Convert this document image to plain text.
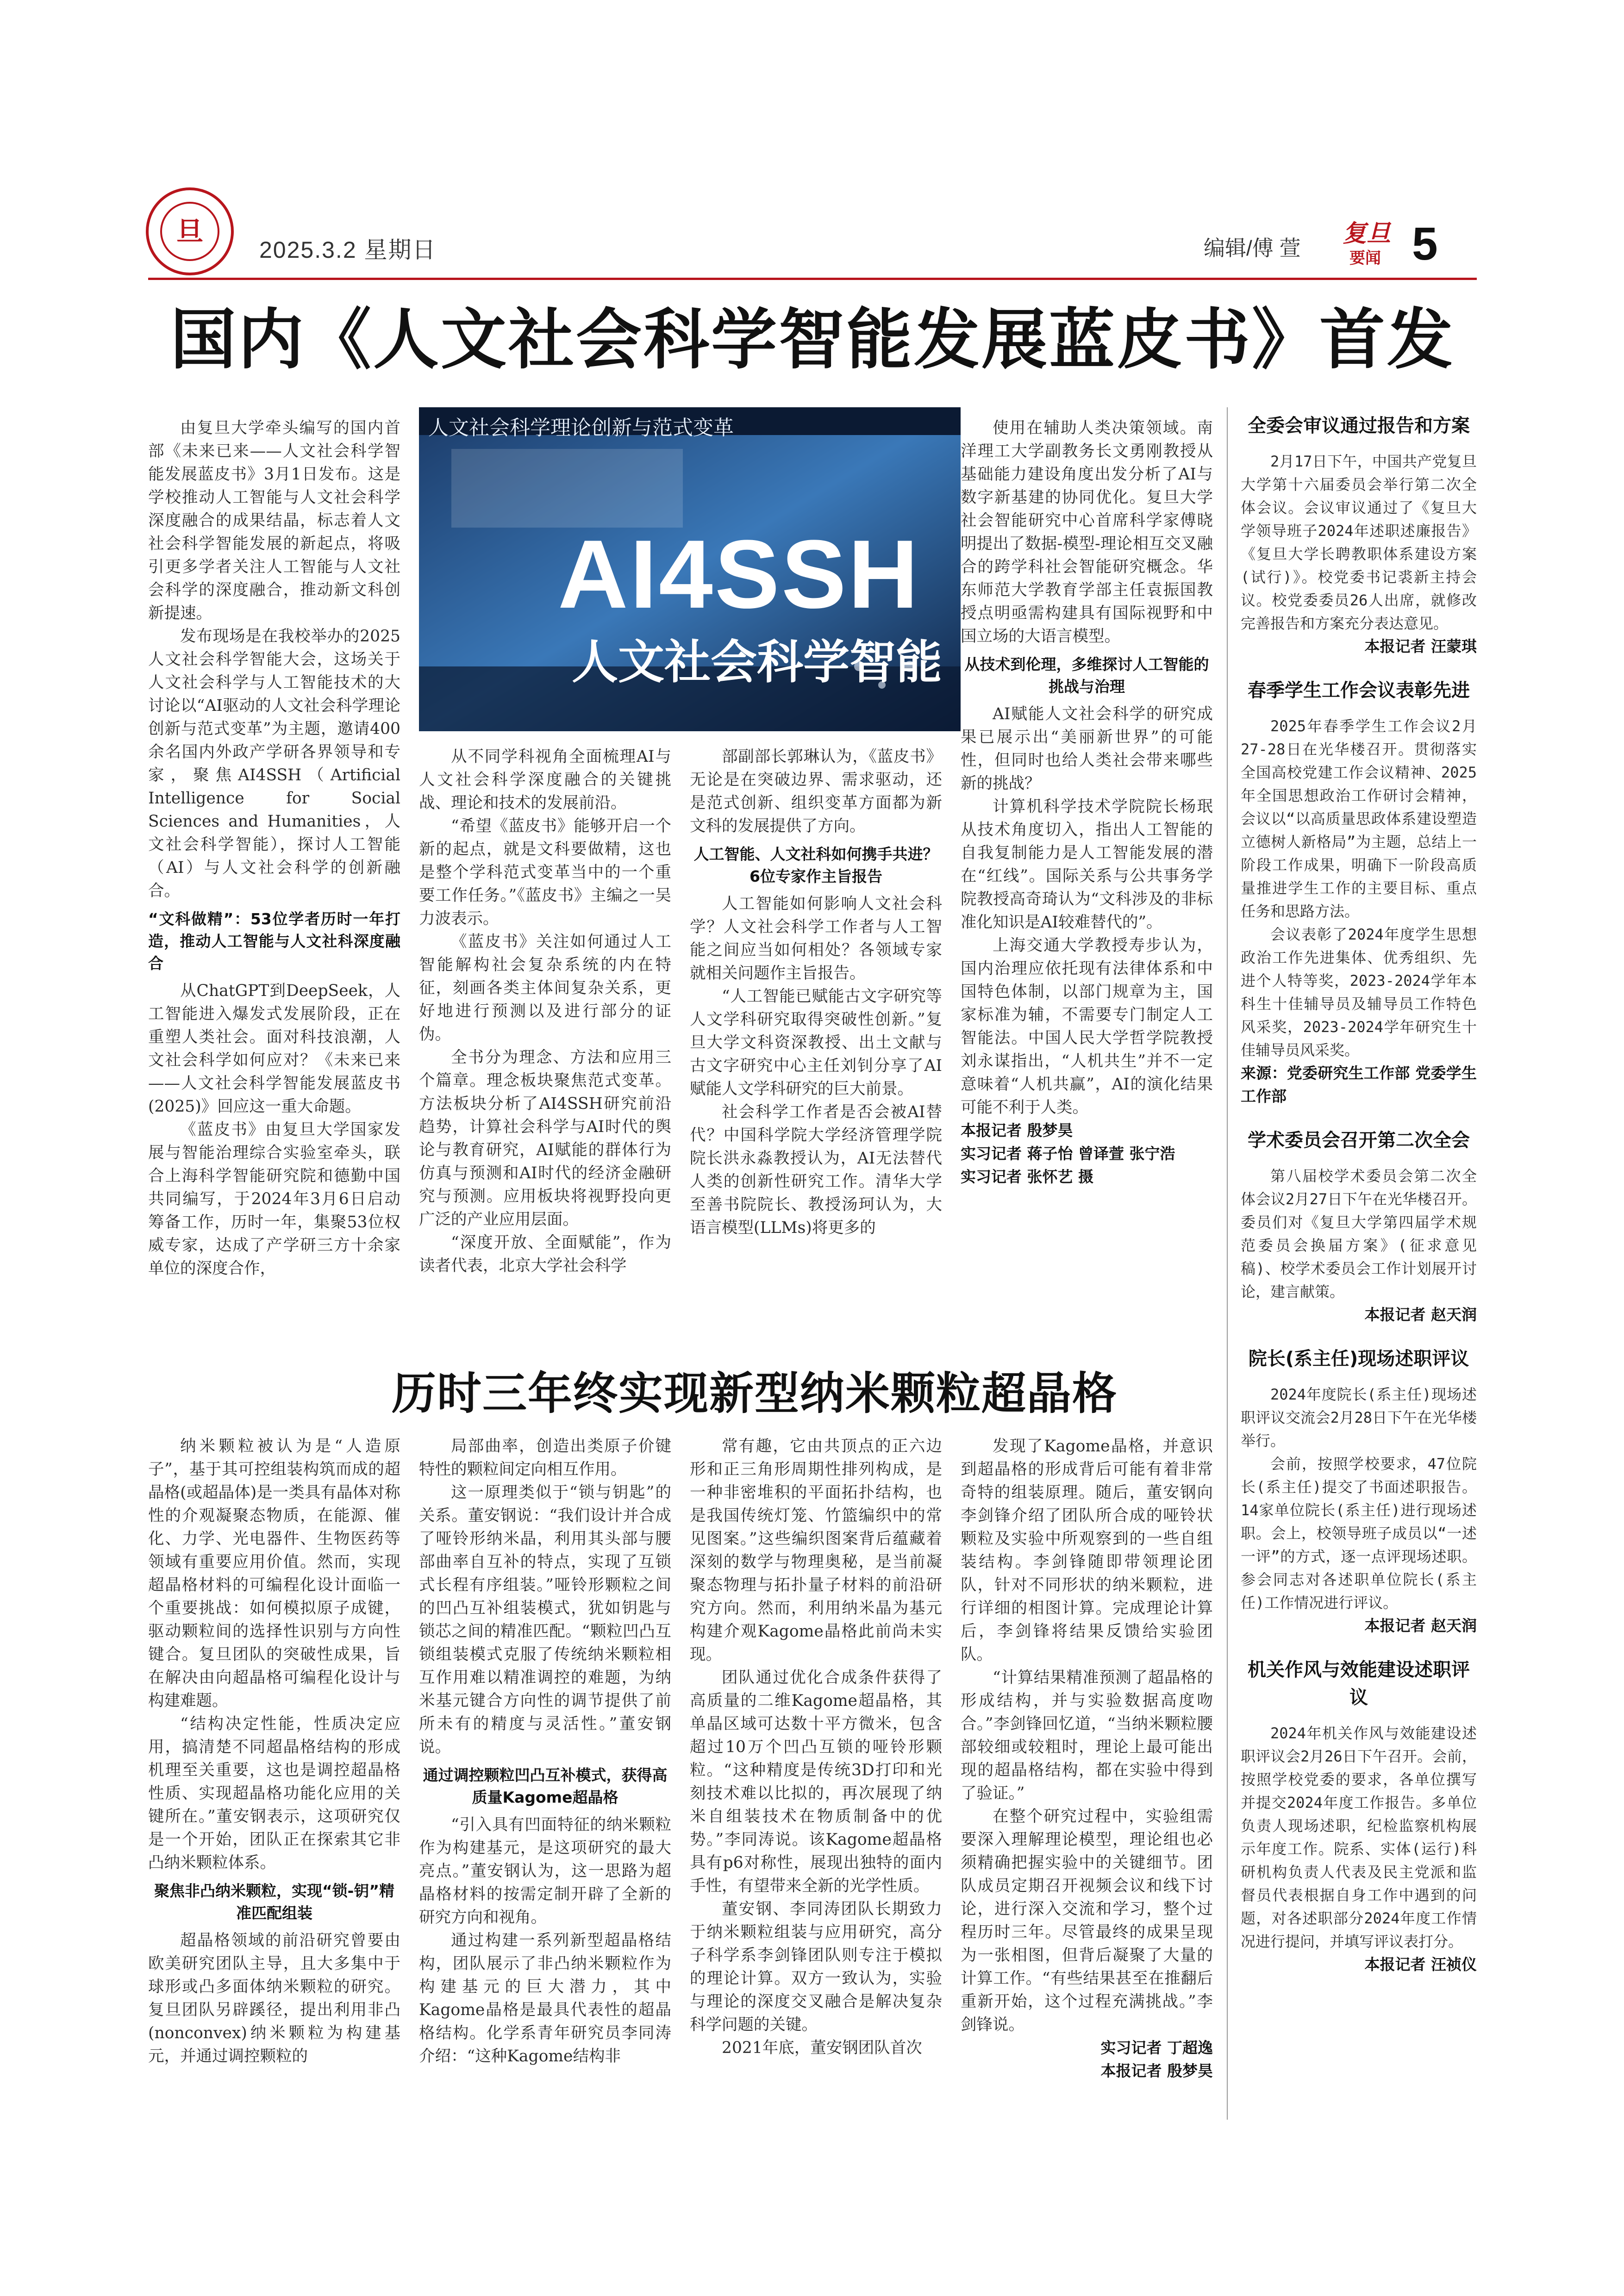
旦
2025.3.2 星期日	编辑/傅 萱
复旦
要闻 5
国内《人文社会科学智能发展蓝皮书》首发

由复旦大学牵头编写的国内首部《未来已来——人文社会科学智能发展蓝皮书》3月1日发布。这是学校推动人工智能与人文社会科学深度融合的成果结晶，标志着人文社会科学智能发展的新起点，将吸引更多学者关注人工智能与人文社会科学的深度融合，推动新文科创新提速。

发布现场是在我校举办的2025人文社会科学智能大会，这场关于人文社会科学与人工智能技术的大讨论以“AI驱动的人文社会科学理论创新与范式变革”为主题，邀请400余名国内外政产学研各界领导和专家，聚焦AI4SSH（Artificial Intelligence for Social Sciences and Humanities，人文社会科学智能），探讨人工智能（AI）与人文社会科学的创新融合。

“文科做精”：53位学者历时一年打造，推动人工智能与人文社科深度融合

从ChatGPT到DeepSeek，人工智能进入爆发式发展阶段，正在重塑人类社会。面对科技浪潮，人文社会科学如何应对？《未来已来——人文社会科学智能发展蓝皮书(2025)》回应这一重大命题。

《蓝皮书》由复旦大学国家发展与智能治理综合实验室牵头，联合上海科学智能研究院和德勤中国共同编写，于2024年3月6日启动筹备工作，历时一年，集聚53位权威专家，达成了产学研三方十余家单位的深度合作，

人文社会科学理论创新与范式变革
AI4SSH
人文社会科学智能

从不同学科视角全面梳理AI与人文社会科学深度融合的关键挑战、理论和技术的发展前沿。

“希望《蓝皮书》能够开启一个新的起点，就是文科要做精，这也是整个学科范式变革当中的一个重要工作任务。”《蓝皮书》主编之一吴力波表示。

《蓝皮书》关注如何通过人工智能解构社会复杂系统的内在特征，刻画各类主体间复杂关系，更好地进行预测以及进行部分的证伪。

全书分为理念、方法和应用三个篇章。理念板块聚焦范式变革。方法板块分析了AI4SSH研究前沿趋势，计算社会科学与AI时代的舆论与教育研究，AI赋能的群体行为仿真与预测和AI时代的经济金融研究与预测。应用板块将视野投向更广泛的产业应用层面。

“深度开放、全面赋能”，作为读者代表，北京大学社会科学

部副部长郭琳认为，《蓝皮书》无论是在突破边界、需求驱动，还是范式创新、组织变革方面都为新文科的发展提供了方向。

人工智能、人文社科如何携手共进？6位专家作主旨报告

人工智能如何影响人文社会科学？人文社会科学工作者与人工智能之间应当如何相处？各领域专家就相关问题作主旨报告。

“人工智能已赋能古文字研究等人文学科研究取得突破性创新。”复旦大学文科资深教授、出土文献与古文字研究中心主任刘钊分享了AI赋能人文学科研究的巨大前景。

社会科学工作者是否会被AI替代？中国科学院大学经济管理学院院长洪永淼教授认为，AI无法替代人类的创新性研究工作。清华大学至善书院院长、教授汤珂认为，大语言模型(LLMs)将更多的

使用在辅助人类决策领域。南洋理工大学副教务长文勇刚教授从基础能力建设角度出发分析了AI与数字新基建的协同优化。复旦大学社会智能研究中心首席科学家傅晓明提出了数据-模型-理论相互交叉融合的跨学科社会智能研究概念。华东师范大学教育学部主任袁振国教授点明亟需构建具有国际视野和中国立场的大语言模型。

从技术到伦理，多维探讨人工智能的挑战与治理

AI赋能人文社会科学的研究成果已展示出“美丽新世界”的可能性，但同时也给人类社会带来哪些新的挑战？

计算机科学技术学院院长杨珉从技术角度切入，指出人工智能的自我复制能力是人工智能发展的潜在“红线”。国际关系与公共事务学院教授高奇琦认为“文科涉及的非标准化知识是AI较难替代的”。

上海交通大学教授寿步认为，国内治理应依托现有法律体系和中国特色体制，以部门规章为主，国家标准为辅，不需要专门制定人工智能法。中国人民大学哲学院教授刘永谋指出，“人机共生”并不一定意味着“人机共赢”，AI的演化结果可能不利于人类。

本报记者 殷梦昊
实习记者 蒋子怡 曾译萱 张宁浩
实习记者 张怀艺 摄
历时三年终实现新型纳米颗粒超晶格

纳米颗粒被认为是“人造原子”，基于其可控组装构筑而成的超晶格(或超晶体)是一类具有晶体对称性的介观凝聚态物质，在能源、催化、力学、光电器件、生物医药等领域有重要应用价值。然而，实现超晶格材料的可编程化设计面临一个重要挑战：如何模拟原子成键，驱动颗粒间的选择性识别与方向性键合。复旦团队的突破性成果，旨在解决由向超晶格可编程化设计与构建难题。

“结构决定性能，性质决定应用，搞清楚不同超晶格结构的形成机理至关重要，这也是调控超晶格性质、实现超晶格功能化应用的关键所在。”董安钢表示，这项研究仅是一个开始，团队正在探索其它非凸纳米颗粒体系。

聚焦非凸纳米颗粒，实现“锁-钥”精准匹配组装

超晶格领域的前沿研究曾要由欧美研究团队主导，且大多集中于球形或凸多面体纳米颗粒的研究。复旦团队另辟蹊径，提出利用非凸(nonconvex)纳米颗粒为构建基元，并通过调控颗粒的

局部曲率，创造出类原子价键特性的颗粒间定向相互作用。

这一原理类似于“锁与钥匙”的关系。董安钢说：“我们设计并合成了哑铃形纳米晶，利用其头部与腰部曲率自互补的特点，实现了互锁式长程有序组装。”哑铃形颗粒之间的凹凸互补组装模式，犹如钥匙与锁芯之间的精准匹配。“颗粒凹凸互锁组装模式克服了传统纳米颗粒相互作用难以精准调控的难题，为纳米基元键合方向性的调节提供了前所未有的精度与灵活性。”董安钢说。

通过调控颗粒凹凸互补模式，获得高质量Kagome超晶格

“引入具有凹面特征的纳米颗粒作为构建基元，是这项研究的最大亮点。”董安钢认为，这一思路为超晶格材料的按需定制开辟了全新的研究方向和视角。

通过构建一系列新型超晶格结构，团队展示了非凸纳米颗粒作为构建基元的巨大潜力，其中Kagome晶格是最具代表性的超晶格结构。化学系青年研究员李同涛介绍：“这种Kagome结构非

常有趣，它由共顶点的正六边形和正三角形周期性排列构成，是一种非密堆积的平面拓扑结构，也是我国传统灯笼、竹篮编织中的常见图案。”这些编织图案背后蕴藏着深刻的数学与物理奥秘，是当前凝聚态物理与拓扑量子材料的前沿研究方向。然而，利用纳米晶为基元构建介观Kagome晶格此前尚未实现。

团队通过优化合成条件获得了高质量的二维Kagome超晶格，其单晶区域可达数十平方微米，包含超过10万个凹凸互锁的哑铃形颗粒。“这种精度是传统3D打印和光刻技术难以比拟的，再次展现了纳米自组装技术在物质制备中的优势。”李同涛说。该Kagome超晶格具有p6对称性，展现出独特的面内手性，有望带来全新的光学性质。

董安钢、李同涛团队长期致力于纳米颗粒组装与应用研究，高分子科学系李剑锋团队则专注于模拟的理论计算。双方一致认为，实验与理论的深度交叉融合是解决复杂科学问题的关键。

2021年底，董安钢团队首次

发现了Kagome晶格，并意识到超晶格的形成背后可能有着非常奇特的组装原理。随后，董安钢向李剑锋介绍了团队所合成的哑铃状颗粒及实验中所观察到的一些自组装结构。李剑锋随即带领理论团队，针对不同形状的纳米颗粒，进行详细的相图计算。完成理论计算后，李剑锋将结果反馈给实验团队。

“计算结果精准预测了超晶格的形成结构，并与实验数据高度吻合。”李剑锋回忆道，“当纳米颗粒腰部较细或较粗时，理论上最可能出现的超晶格结构，都在实验中得到了验证。”

在整个研究过程中，实验组需要深入理解理论模型，理论组也必须精确把握实验中的关键细节。团队成员定期召开视频会议和线下讨论，进行深入交流和学习，整个过程历时三年。尽管最终的成果呈现为一张相图，但背后凝聚了大量的计算工作。“有些结果甚至在推翻后重新开始，这个过程充满挑战。”李剑锋说。

实习记者 丁超逸
本报记者 殷梦昊
全委会审议通过报告和方案

2月17日下午，中国共产党复旦大学第十六届委员会举行第二次全体会议。会议审议通过了《复旦大学领导班子2024年述职述廉报告》《复旦大学长聘教职体系建设方案(试行)》。校党委书记裘新主持会议。校党委委员26人出席，就修改完善报告和方案充分表达意见。

本报记者 汪蒙琪
春季学生工作会议表彰先进

2025年春季学生工作会议2月27-28日在光华楼召开。贯彻落实全国高校党建工作会议精神、2025年全国思想政治工作研讨会精神，会议以“以高质量思政体系建设塑造立德树人新格局”为主题，总结上一阶段工作成果，明确下一阶段高质量推进学生工作的主要目标、重点任务和思路方法。

会议表彰了2024年度学生思想政治工作先进集体、优秀组织、先进个人特等奖，2023-2024学年本科生十佳辅导员及辅导员工作特色风采奖，2023-2024学年研究生十佳辅导员风采奖。

来源：党委研究生工作部 党委学生工作部
学术委员会召开第二次全会

第八届校学术委员会第二次全体会议2月27日下午在光华楼召开。委员们对《复旦大学第四届学术规范委员会换届方案》(征求意见稿)、校学术委员会工作计划展开讨论，建言献策。

本报记者 赵天润
院长(系主任)现场述职评议

2024年度院长(系主任)现场述职评议交流会2月28日下午在光华楼举行。

会前，按照学校要求，47位院长(系主任)提交了书面述职报告。14家单位院长(系主任)进行现场述职。会上，校领导班子成员以“一述一评”的方式，逐一点评现场述职。参会同志对各述职单位院长(系主任)工作情况进行评议。

本报记者 赵天润
机关作风与效能建设述职评议

2024年机关作风与效能建设述职评议会2月26日下午召开。会前，按照学校党委的要求，各单位撰写并提交2024年度工作报告。多单位负责人现场述职，纪检监察机构展示年度工作。院系、实体(运行)科研机构负责人代表及民主党派和监督员代表根据自身工作中遇到的问题，对各述职部分2024年度工作情况进行提问，并填写评议表打分。

本报记者 汪祯仪
